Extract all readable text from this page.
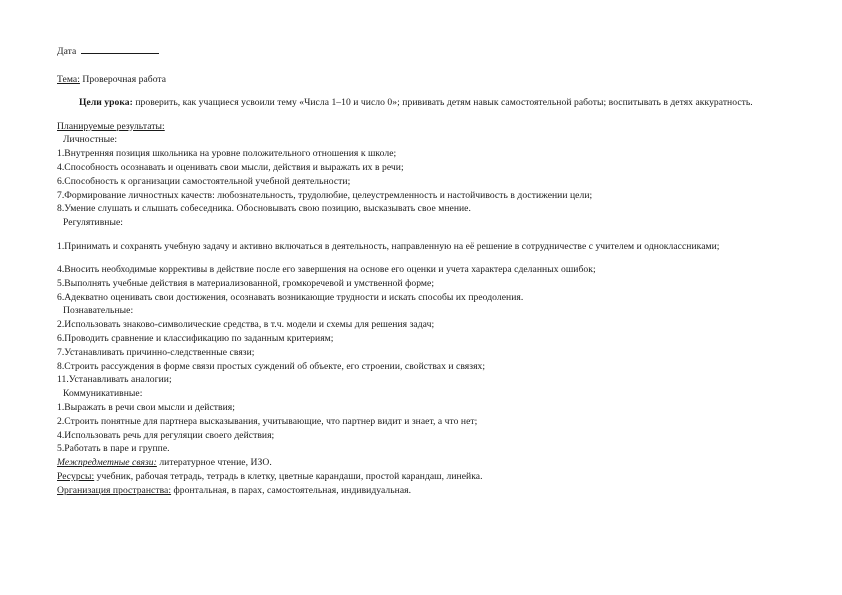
Дата

Тема: Проверочная работа

Цели урока: проверить, как учащиеся усвоили тему «Числа 1–10 и число 0»; прививать детям навык самостоятельной работы; воспитывать в детях аккуратность.

Планируемые результаты:

Личностные:

1.Внутренняя позиция школьника на уровне положительного отношения к школе;

4.Способность осознавать и оценивать свои мысли, действия и выражать их в речи;

6.Способность к организации самостоятельной учебной деятельности;

7.Формирование личностных качеств: любознательность, трудолюбие, целеустремленность и настойчивость в достижении цели;

8.Умение слушать и слышать собеседника. Обосновывать свою позицию, высказывать свое мнение.

Регулятивные:

1.Принимать и сохранять учебную задачу и активно включаться в деятельность, направленную на её решение в сотрудничестве с учителем и одноклассниками;

4.Вносить необходимые коррективы в действие после его завершения на основе его оценки и учета характера сделанных ошибок;

5.Выполнять учебные действия в материализованной, громкоречевой и умственной форме;

6.Адекватно оценивать свои достижения, осознавать возникающие трудности и искать способы их преодоления.

Познавательные:

2.Использовать знаково-символические средства, в т.ч. модели и схемы для решения задач;

6.Проводить сравнение и классификацию по заданным критериям;

7.Устанавливать причинно-следственные связи;

8.Строить рассуждения в форме связи простых суждений об объекте, его строении, свойствах и связях;

11.Устанавливать аналогии;

Коммуникативные:

1.Выражать в речи свои мысли и действия;

2.Строить понятные для партнера высказывания, учитывающие, что партнер видит и знает, а что нет;

4.Использовать речь для регуляции своего действия;

5.Работать в паре и группе.

Межпредметные связи: литературное чтение, ИЗО.

Ресурсы: учебник, рабочая тетрадь, тетрадь в клетку, цветные карандаши, простой карандаш, линейка.

Организация пространства: фронтальная, в парах, самостоятельная, индивидуальная.
